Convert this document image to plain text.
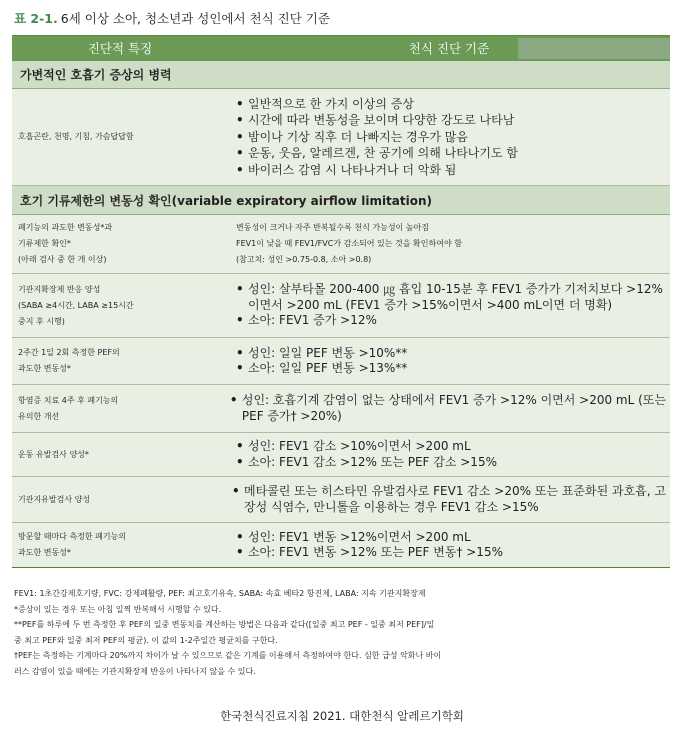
표 2-1. 6세 이상 소아, 청소년과 성인에서 천식 진단 기준
진단적 특징	천식 진단 기준
가변적인 호흡기 증상의 병력
호흡곤란, 천명, 기침, 가슴답답함
• 일반적으로 한 가지 이상의 증상
• 시간에 따라 변동성을 보이며 다양한 강도로 나타남
• 밤이나 기상 직후 더 나빠지는 경우가 많음
• 운동, 웃음, 알레르겐, 찬 공기에 의해 나타나기도 함
• 바이러스 감염 시 나타나거나 더 악화 됨
호기 기류제한의 변동성 확인(variable expiratory airflow limitation)
폐기능의 과도한 변동성*과
기류제한 확인*
(아래 검사 중 한 개 이상)
변동성이 크거나 자주 반복될수록 천식 가능성이 높아짐
FEV1이 낮을 때 FEV1/FVC가 감소되어 있는 것을 확인하여야 함
(참고치: 성인 >0.75-0.8, 소아 >0.8)
기관지확장제 반응 양성
(SABA ≥4시간, LABA ≥15시간
중지 후 시행)
• 성인: 살부타몰 200-400 ㎍ 흡입 10-15분 후 FEV1 증가가 기저치보다 >12%
이면서 >200 mL (FEV1 증가 >15%이면서 >400 mL이면 더 명확)
• 소아: FEV1 증가 >12%
2주간 1일 2회 측정한 PEF의
과도한 변동성*
• 성인: 일일 PEF 변동 >10%**
• 소아: 일일 PEF 변동 >13%**
항염증 치료 4주 후 폐기능의
유의한 개선
• 성인: 호흡기계 감염이 없는 상태에서 FEV1 증가 >12% 이면서 >200 mL (또는
PEF 증가† >20%)
운동 유발검사 양성*
• 성인: FEV1 감소 >10%이면서 >200 mL
• 소아: FEV1 감소 >12% 또는 PEF 감소 >15%
기관지유발검사 양성
• 메타콜린 또는 히스타민 유발검사로 FEV1 감소 >20% 또는 표준화된 과호흡, 고
장성 식염수, 만니톨을 이용하는 경우 FEV1 감소 >15%
방문할 때마다 측정한 폐기능의
과도한 변동성*
• 성인: FEV1 변동 >12%이면서 >200 mL
• 소아: FEV1 변동 >12% 또는 PEF 변동† >15%
FEV1: 1초간강제호기량, FVC: 강제폐활량, PEF: 최고호기유속, SABA: 속효 베타2 항진제, LABA: 지속 기관지확장제
*증상이 있는 경우 또는 아침 일찍 반복해서 시행할 수 있다.
**PEF를 하루에 두 번 측정한 후 PEF의 일중 변동치를 계산하는 방법은 다음과 같다([일중 최고 PEF - 일중 최저 PEF]/일
중 최고 PEF와 일중 최저 PEF의 평균). 이 값의 1-2주일간 평균치를 구한다.
†PEF는 측정하는 기계마다 20%까지 차이가 날 수 있으므로 같은 기계를 이용해서 측정하여야 한다. 심한 급성 악화나 바이
러스 감염이 있을 때에는 기관지확장제 반응이 나타나지 않을 수 있다.
한국천식진료지침 2021. 대한천식 알레르기학회
